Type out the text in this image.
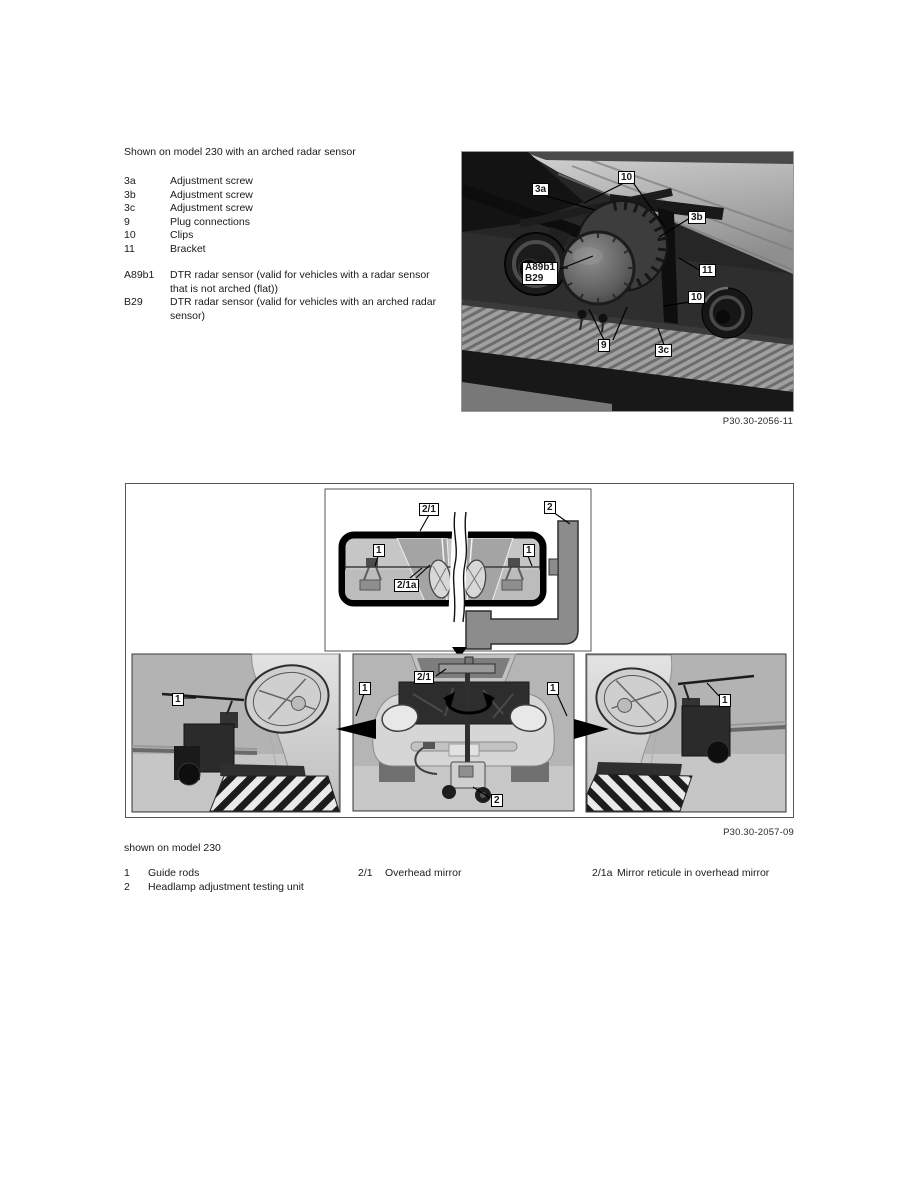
Shown on model 230 with an arched radar sensor
3a	Adjustment screw
3b	Adjustment screw
3c	Adjustment screw
9	Plug connections
10	Clips
11	Bracket
A89b1	DTR radar sensor (valid for vehicles with a radar sensor
that is not arched (flat))
B29	DTR radar sensor (valid for vehicles with an arched radar
sensor)
3a
10
3b
11
A89b1
B29
10
9	3c
P30.30-2056-11
2/1	2
1	1
2/1a
1
2/1
1	1
2
1
P30.30-2057-09
shown on model 230
1	Guide rods
2	Headlamp adjustment testing unit
2/1	Overhead mirror	2/1a Mirror reticule in overhead mirror
